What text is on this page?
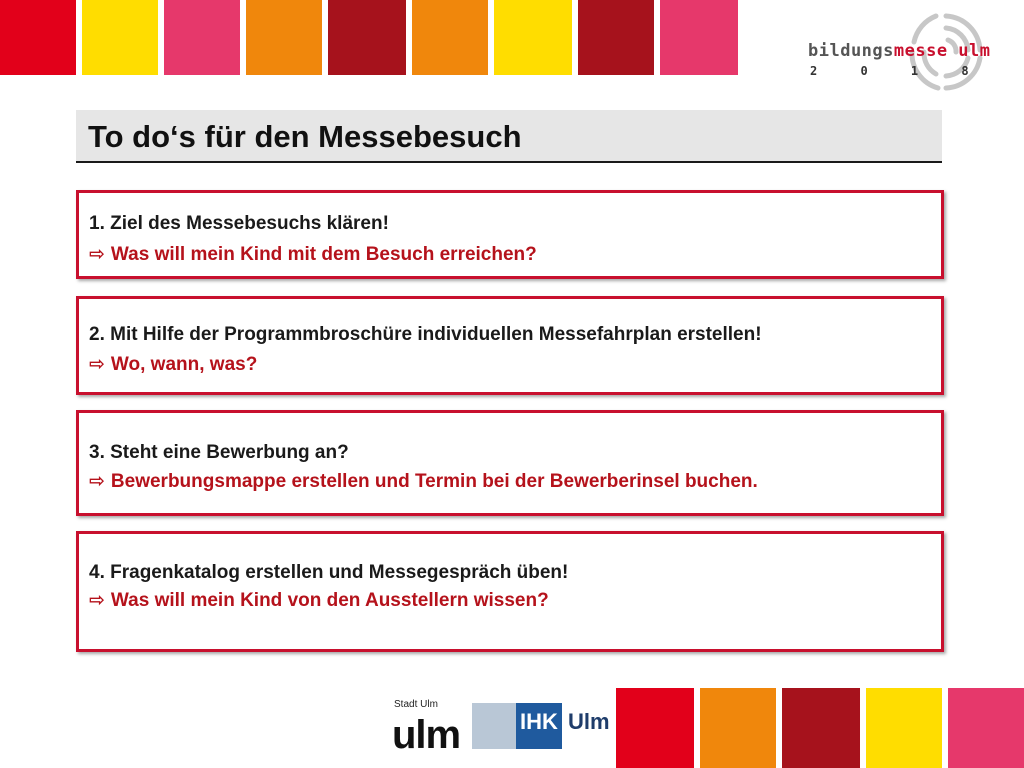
bildungsmesse ulm
2 0 1 8
To do‘s für den Messebesuch
1. Ziel des Messebesuchs klären!
⇨ Was will mein Kind mit dem Besuch erreichen?
2. Mit Hilfe der Programmbroschüre individuellen Messefahrplan erstellen!
⇨ Wo, wann, was?
3. Steht eine Bewerbung an?
⇨ Bewerbungsmappe erstellen und Termin bei der Bewerberinsel buchen.
4. Fragenkatalog erstellen und Messegespräch üben!
⇨ Was will mein Kind von den Ausstellern wissen?
Stadt Ulm
ulm	IHK Ulm
